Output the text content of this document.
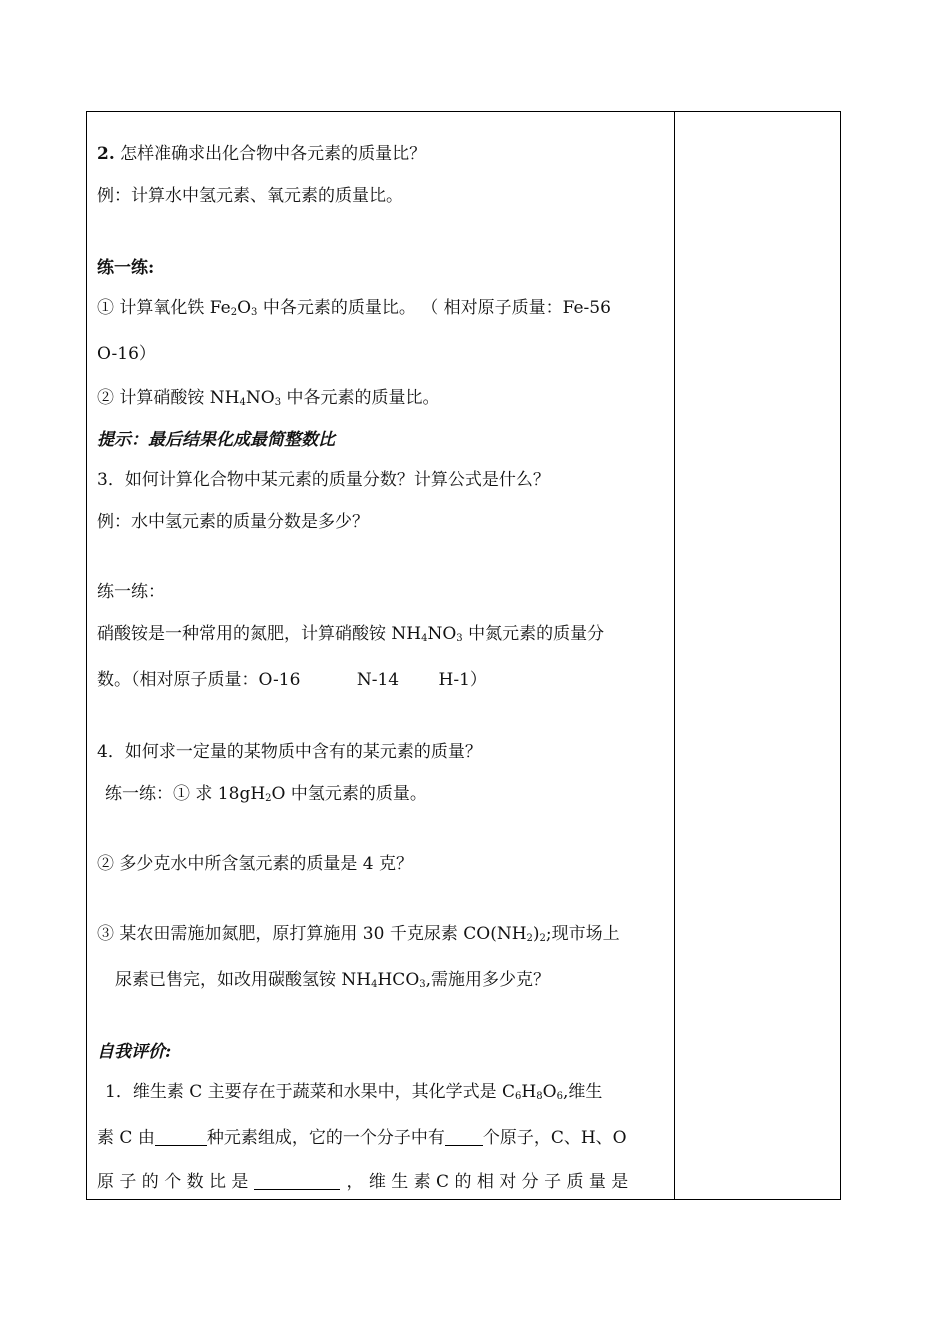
2. 怎样准确求出化合物中各元素的质量比？
例：计算水中氢元素、氧元素的质量比。
练一练:
① 计算氧化铁 $Fe_2O_3$ 中各元素的质量比。 （ 相对原子质量：Fe-56
O-16）
② 计算硝酸铵 $NH_4NO_3$ 中各元素的质量比。
提示：最后结果化成最简整数比
3．如何计算化合物中某元素的质量分数？计算公式是什么？
例：水中氢元素的质量分数是多少？
练一练：
硝酸铵是一种常用的氮肥，计算硝酸铵 $NH_4NO_3$ 中氮元素的质量分
数。（相对原子质量：O-16　　　 N-14　　 H-1）
4．如何求一定量的某物质中含有的某元素的质量？
练一练：① 求 $18gH_2O$ 中氢元素的质量。
② 多少克水中所含氢元素的质量是 4 克？
③ 某农田需施加氮肥，原打算施用 30 千克尿素 $CO(NH_2)_2$;现市场上
尿素已售完，如改用碳酸氢铵 $NH_4HCO_3$,需施用多少克？
自我评价:
1．维生素 C 主要存在于蔬菜和水果中，其化学式是 $C_6H_8O_6$,维生
素 C 由	种元素组成，它的一个分子中有 个原子，C、H、O
原 子 的 个 数 比 是	， 维 生 素 C 的 相 对 分 子 质 量 是
